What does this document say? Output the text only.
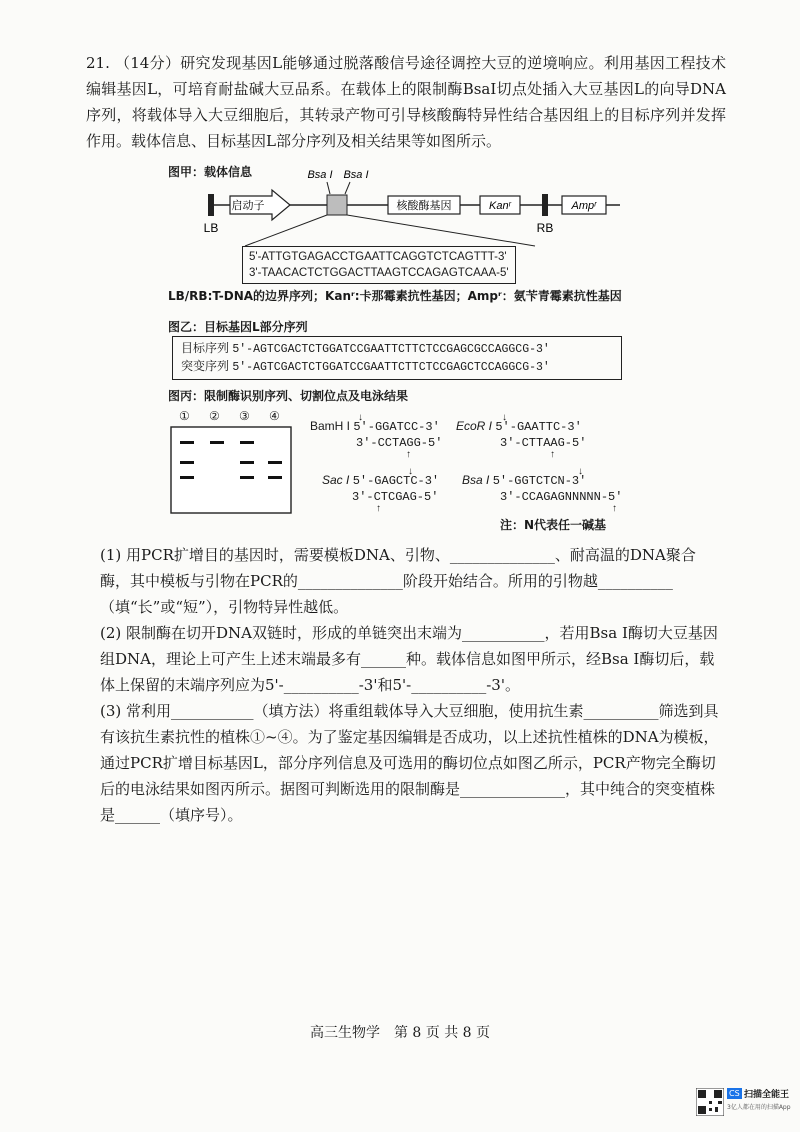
21. （14分）研究发现基因L能够通过脱落酸信号途径调控大豆的逆境响应。利用基因工程技术编辑基因L，可培育耐盐碱大豆品系。在载体上的限制酶BsaI切点处插入大豆基因L的向导DNA序列，将载体导入大豆细胞后，其转录产物可引导核酸酶特异性结合基因组上的目标序列并发挥作用。载体信息、目标基因L部分序列及相关结果等如图所示。
图甲：载体信息
LB
启动子
Bsa I Bsa I
核酸酶基因	Kanʳ
RB
Ampʳ
5'-ATTGTGAGACCTGAATTCAGGTCTCAGTTT-3'
3'-TAACACTCTGGACTTAAGTCCAGAGTCAAA-5'
LB/RB:T-DNA的边界序列；Kanʳ:卡那霉素抗性基因；Ampʳ：氨苄青霉素抗性基因
图乙：目标基因L部分序列
目标序列 5'-AGTCGACTCTGGATCCGAATTCTTCTCCGAGCGCCAGGCG-3'
突变序列 5'-AGTCGACTCTGGATCCGAATTCTTCTCCGAGCTCCAGGCG-3'
图丙：限制酶识别序列、切割位点及电泳结果
① ② ③ ④	↓
BamH I 5'-GGATCC-3'
3'-CCTAGG-5'
↑
↓
EcoR I 5'-GAATTC-3'
3'-CTTAAG-5'
↑
↓
Sac I 5'-GAGCTC-3'
3'-CTCGAG-5'
↑
↓
Bsa I 5'-GGTCTCN-3'
3'-CCAGAGNNNNN-5'
↑
注：N代表任一碱基
(1) 用PCR扩增目的基因时，需要模板DNA、引物、______________、耐高温的DNA聚合酶，其中模板与引物在PCR的______________阶段开始结合。所用的引物越__________（填“长”或“短”），引物特异性越低。
(2) 限制酶在切开DNA双链时，形成的单链突出末端为___________，若用Bsa I酶切大豆基因组DNA，理论上可产生上述末端最多有______种。载体信息如图甲所示，经Bsa I酶切后，载体上保留的末端序列应为5'-__________-3'和5'-__________-3'。
(3) 常利用___________（填方法）将重组载体导入大豆细胞，使用抗生素__________筛选到具有该抗生素抗性的植株①~④。为了鉴定基因编辑是否成功，以上述抗性植株的DNA为模板，通过PCR扩增目标基因L，部分序列信息及可选用的酶切位点如图乙所示，PCR产物完全酶切后的电泳结果如图丙所示。据图可判断选用的限制酶是______________，其中纯合的突变植株是______（填序号）。
高三生物学　第 8 页 共 8 页
CS 扫描全能王
3亿人都在用的扫描App
